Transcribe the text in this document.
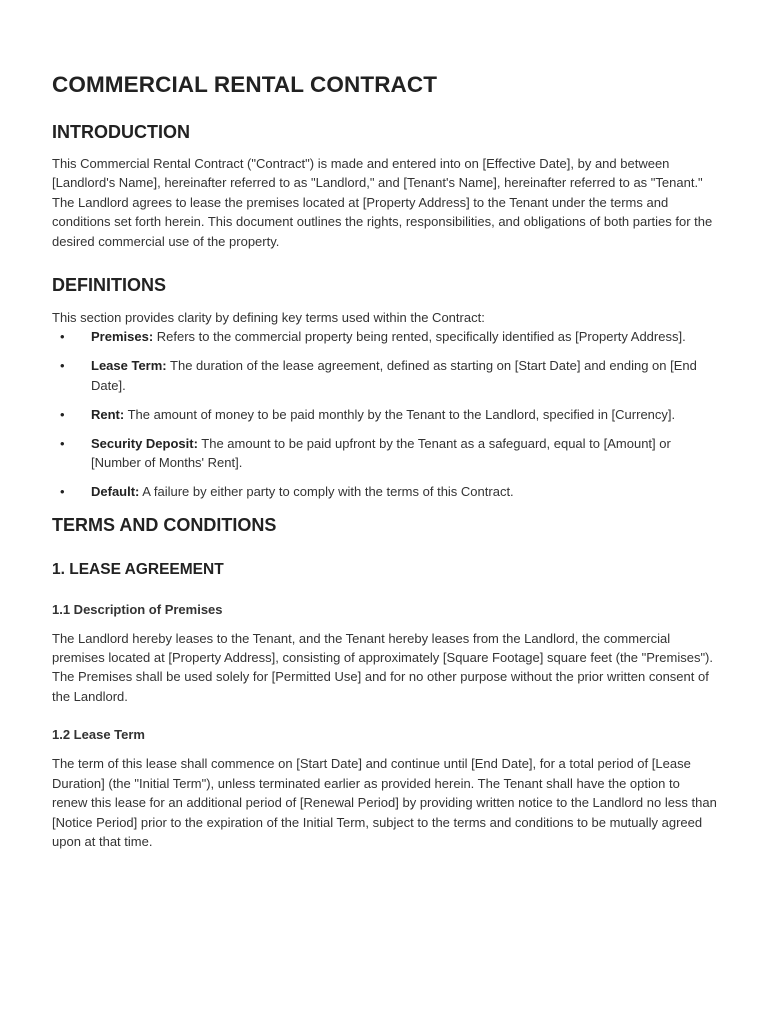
COMMERCIAL RENTAL CONTRACT
INTRODUCTION

This Commercial Rental Contract ("Contract") is made and entered into on [Effective Date], by and between [Landlord's Name], hereinafter referred to as "Landlord," and [Tenant's Name], hereinafter referred to as "Tenant." The Landlord agrees to lease the premises located at [Property Address] to the Tenant under the terms and conditions set forth herein. This document outlines the rights, responsibilities, and obligations of both parties for the desired commercial use of the property.

DEFINITIONS

This section provides clarity by defining key terms used within the Contract:

• Premises: Refers to the commercial property being rented, specifically identified as [Property Address].
• Lease Term: The duration of the lease agreement, defined as starting on [Start Date] and ending on [End Date].
• Rent: The amount of money to be paid monthly by the Tenant to the Landlord, specified in [Currency].
• Security Deposit: The amount to be paid upfront by the Tenant as a safeguard, equal to [Amount] or [Number of Months' Rent].
• Default: A failure by either party to comply with the terms of this Contract.
TERMS AND CONDITIONS
1. LEASE AGREEMENT
1.1 Description of Premises

The Landlord hereby leases to the Tenant, and the Tenant hereby leases from the Landlord, the commercial premises located at [Property Address], consisting of approximately [Square Footage] square feet (the "Premises"). The Premises shall be used solely for [Permitted Use] and for no other purpose without the prior written consent of the Landlord.

1.2 Lease Term

The term of this lease shall commence on [Start Date] and continue until [End Date], for a total period of [Lease Duration] (the "Initial Term"), unless terminated earlier as provided herein. The Tenant shall have the option to renew this lease for an additional period of [Renewal Period] by providing written notice to the Landlord no less than [Notice Period] prior to the expiration of the Initial Term, subject to the terms and conditions to be mutually agreed upon at that time.
